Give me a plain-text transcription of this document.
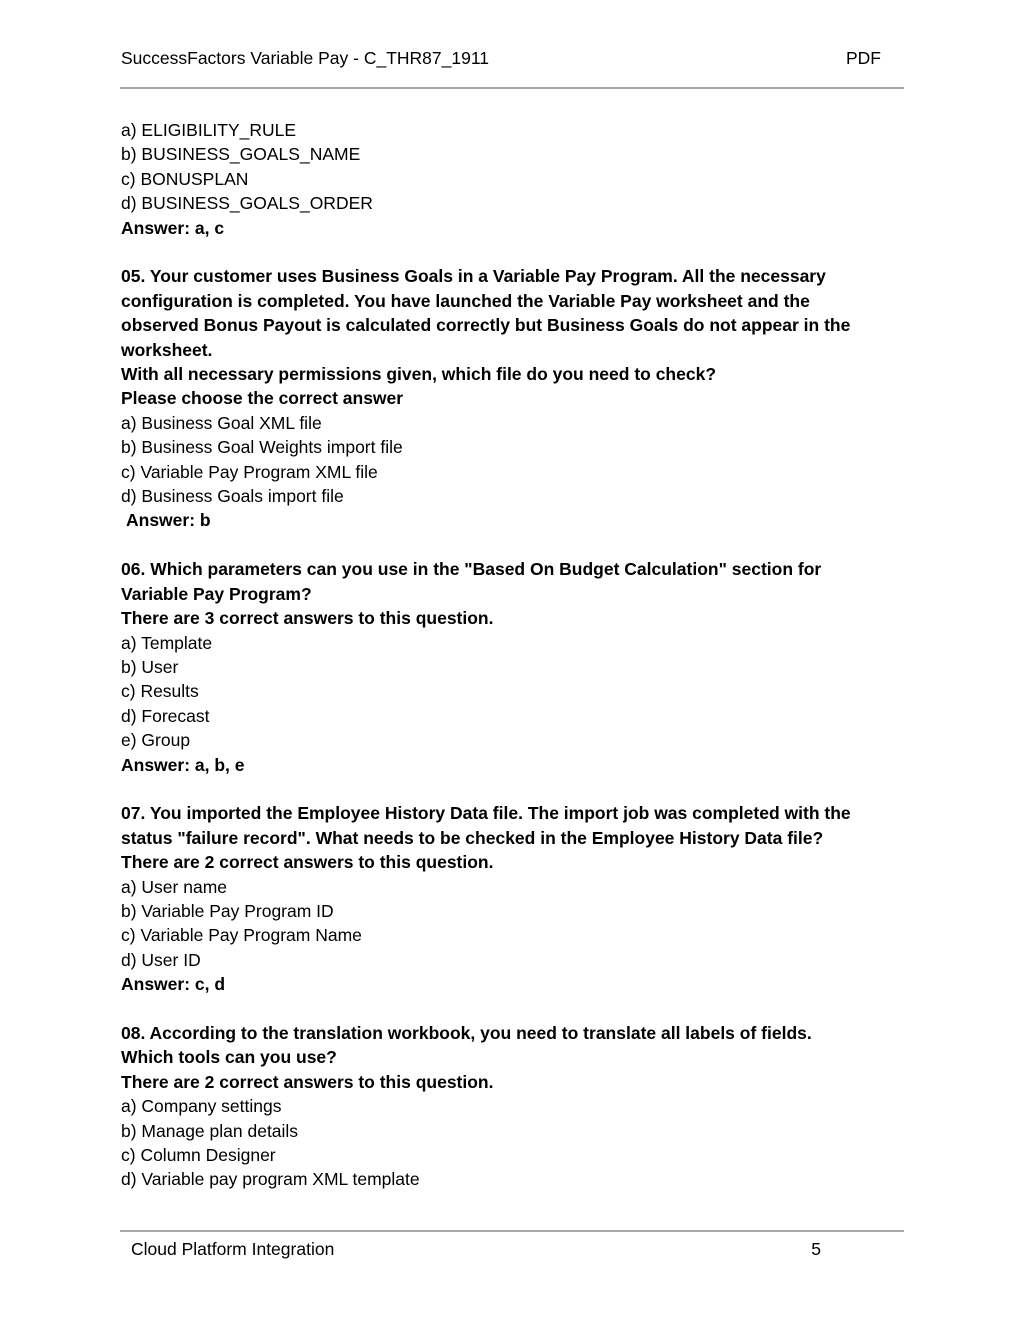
SuccessFactors Variable Pay - C_THR87_1911	PDF
a) ELIGIBILITY_RULE
b) BUSINESS_GOALS_NAME
c) BONUSPLAN
d) BUSINESS_GOALS_ORDER
Answer: a, c
05. Your customer uses Business Goals in a Variable Pay Program. All the necessary
configuration is completed. You have launched the Variable Pay worksheet and the
observed Bonus Payout is calculated correctly but Business Goals do not appear in the
worksheet.
With all necessary permissions given, which file do you need to check?
Please choose the correct answer
a) Business Goal XML file
b) Business Goal Weights import file
c) Variable Pay Program XML file
d) Business Goals import file
Answer: b
06. Which parameters can you use in the "Based On Budget Calculation" section for
Variable Pay Program?
There are 3 correct answers to this question.
a) Template
b) User
c) Results
d) Forecast
e) Group
Answer: a, b, e
07. You imported the Employee History Data file. The import job was completed with the
status "failure record". What needs to be checked in the Employee History Data file?
There are 2 correct answers to this question.
a) User name
b) Variable Pay Program ID
c) Variable Pay Program Name
d) User ID
Answer: c, d
08. According to the translation workbook, you need to translate all labels of fields.
Which tools can you use?
There are 2 correct answers to this question.
a) Company settings
b) Manage plan details
c) Column Designer
d) Variable pay program XML template
Cloud Platform Integration	5
